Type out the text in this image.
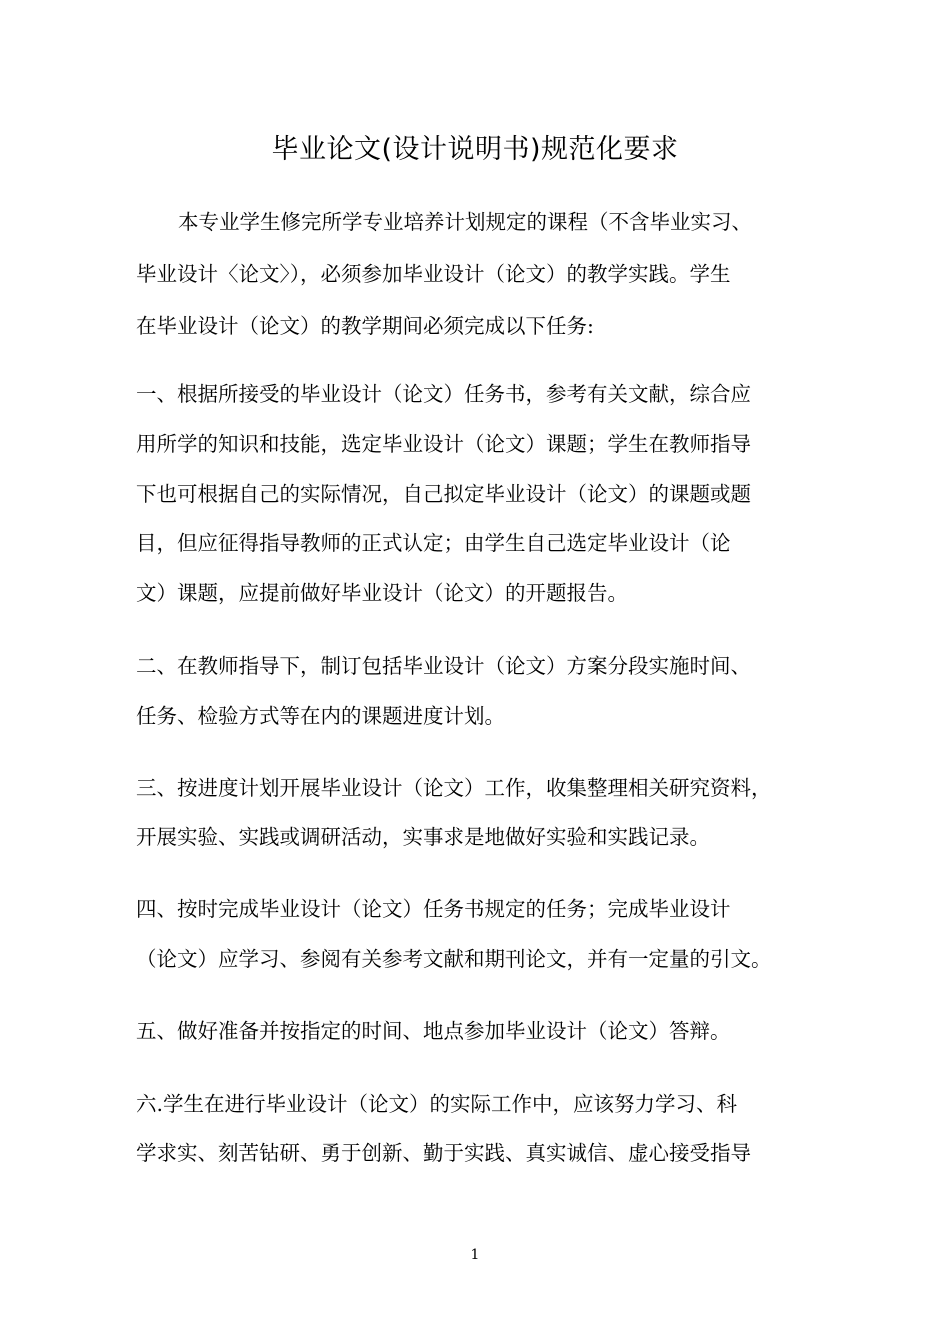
毕业论文(设计说明书)规范化要求
本专业学生修完所学专业培养计划规定的课程（不含毕业实习、
毕业设计〈论文〉），必须参加毕业设计（论文）的教学实践。学生
在毕业设计（论文）的教学期间必须完成以下任务:
一、根据所接受的毕业设计（论文）任务书，参考有关文献，综合应
用所学的知识和技能，选定毕业设计（论文）课题；学生在教师指导
下也可根据自己的实际情况，自己拟定毕业设计（论文）的课题或题
目，但应征得指导教师的正式认定；由学生自己选定毕业设计（论
文）课题，应提前做好毕业设计（论文）的开题报告。
二、在教师指导下，制订包括毕业设计（论文）方案分段实施时间、
任务、检验方式等在内的课题进度计划。
三、按进度计划开展毕业设计（论文）工作，收集整理相关研究资料，
开展实验、实践或调研活动，实事求是地做好实验和实践记录。
四、按时完成毕业设计（论文）任务书规定的任务；完成毕业设计
（论文）应学习、参阅有关参考文献和期刊论文，并有一定量的引文。
五、做好准备并按指定的时间、地点参加毕业设计（论文）答辩。
六.学生在进行毕业设计（论文）的实际工作中，应该努力学习、科
学求实、刻苦钻研、勇于创新、勤于实践、真实诚信、虚心接受指导
1
